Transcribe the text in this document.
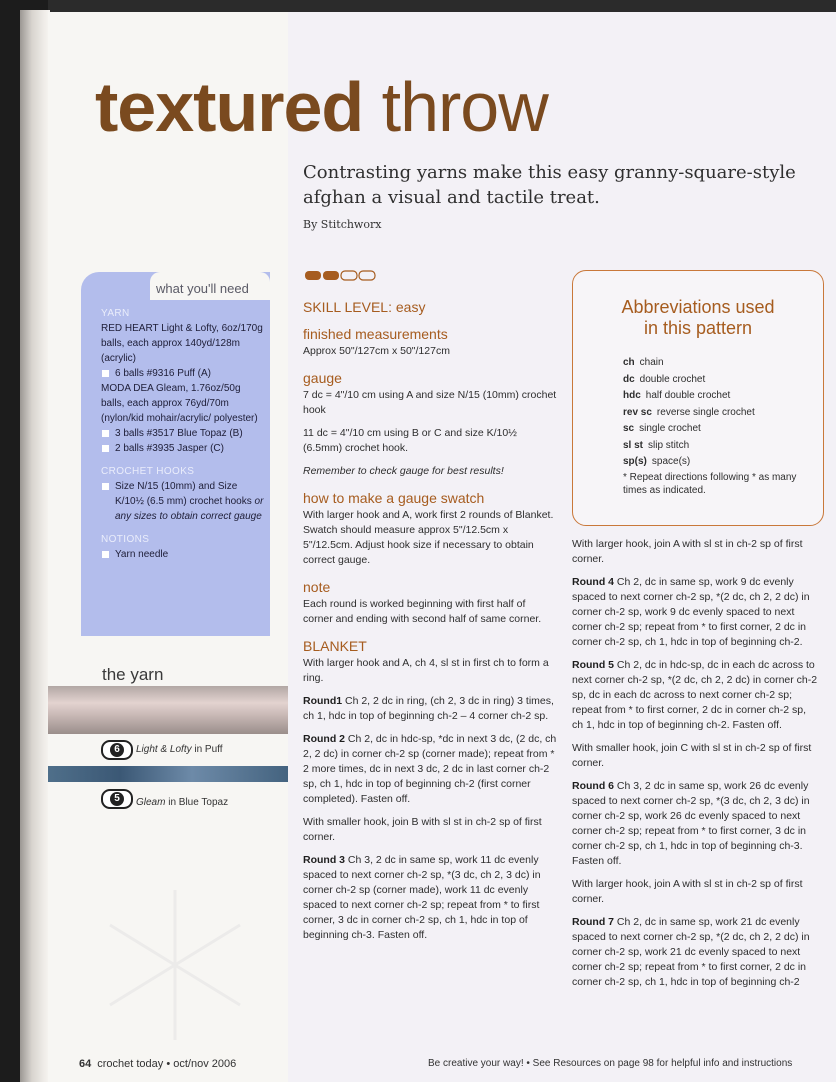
textured throw

Contrasting yarns make this easy granny-square-style afghan a visual and tactile treat.

By Stitchworx

what you'll need

YARN

RED HEART Light & Lofty, 6oz/170g balls, each approx 140yd/128m (acrylic)

6 balls #9316 Puff (A)

MODA DEA Gleam, 1.76oz/50g balls, each approx 76yd/70m (nylon/kid mohair/acrylic/ polyester)

3 balls #3517 Blue Topaz (B)

2 balls #3935 Jasper (C)

CROCHET HOOKS

Size N/15 (10mm) and Size K/10½ (6.5 mm) crochet hooks or any sizes to obtain correct gauge

NOTIONS

Yarn needle

the yarn
6	Light & Lofty in Puff
5	Gleam in Blue Topaz
SKILL LEVEL: easy
finished measurements

Approx 50"/127cm x 50"/127cm

gauge

7 dc = 4"/10 cm using A and size N/15 (10mm) crochet hook

11 dc = 4"/10 cm using B or C and size K/10½ (6.5mm) crochet hook.

Remember to check gauge for best results!

how to make a gauge swatch

With larger hook and A, work first 2 rounds of Blanket. Swatch should measure approx 5"/12.5cm x 5"/12.5cm. Adjust hook size if necessary to obtain correct gauge.

note

Each round is worked beginning with first half of corner and ending with second half of same corner.

BLANKET

With larger hook and A, ch 4, sl st in first ch to form a ring.

Round1 Ch 2, 2 dc in ring, (ch 2, 3 dc in ring) 3 times, ch 1, hdc in top of beginning ch-2 – 4 corner ch-2 sp.

Round 2 Ch 2, dc in hdc-sp, *dc in next 3 dc, (2 dc, ch 2, 2 dc) in corner ch-2 sp (corner made); repeat from * 2 more times, dc in next 3 dc, 2 dc in last corner ch-2 sp, ch 1, hdc in top of beginning ch-2 (first corner completed). Fasten off.

With smaller hook, join B with sl st in ch-2 sp of first corner.

Round 3 Ch 3, 2 dc in same sp, work 11 dc evenly spaced to next corner ch-2 sp, *(3 dc, ch 2, 3 dc) in corner ch-2 sp (corner made), work 11 dc evenly spaced to next corner ch-2 sp; repeat from * to first corner, 3 dc in corner ch-2 sp, ch 1, hdc in top of beginning ch-3. Fasten off.

Abbreviations used
in this pattern
ch chain
dc double crochet
hdc half double crochet
rev sc reverse single crochet
sc single crochet
sl st slip stitch
sp(s) space(s)
* Repeat directions following * as many times as indicated.

With larger hook, join A with sl st in ch-2 sp of first corner.

Round 4 Ch 2, dc in same sp, work 9 dc evenly spaced to next corner ch-2 sp, *(2 dc, ch 2, 2 dc) in corner ch-2 sp, work 9 dc evenly spaced to next corner ch-2 sp; repeat from * to first corner, 2 dc in corner ch-2 sp, ch 1, hdc in top of beginning ch-2.

Round 5 Ch 2, dc in hdc-sp, dc in each dc across to next corner ch-2 sp, *(2 dc, ch 2, 2 dc) in corner ch-2 sp, dc in each dc across to next corner ch-2 sp; repeat from * to first corner, 2 dc in corner ch-2 sp, ch 1, hdc in top of beginning ch-2. Fasten off.

With smaller hook, join C with sl st in ch-2 sp of first corner.

Round 6 Ch 3, 2 dc in same sp, work 26 dc evenly spaced to next corner ch-2 sp, *(3 dc, ch 2, 3 dc) in corner ch-2 sp, work 26 dc evenly spaced to next corner ch-2 sp; repeat from * to first corner, 3 dc in corner ch-2 sp, ch 1, hdc in top of beginning ch-3. Fasten off.

With larger hook, join A with sl st in ch-2 sp of first corner.

Round 7 Ch 2, dc in same sp, work 21 dc evenly spaced to next corner ch-2 sp, *(2 dc, ch 2, 2 dc) in corner ch-2 sp, work 21 dc evenly spaced to next corner ch-2 sp; repeat from * to first corner, 2 dc in corner ch-2 sp, ch 1, hdc in top of beginning ch-2

64 crochet today • oct/nov 2006	Be creative your way! • See Resources on page 98 for helpful info and instructions
